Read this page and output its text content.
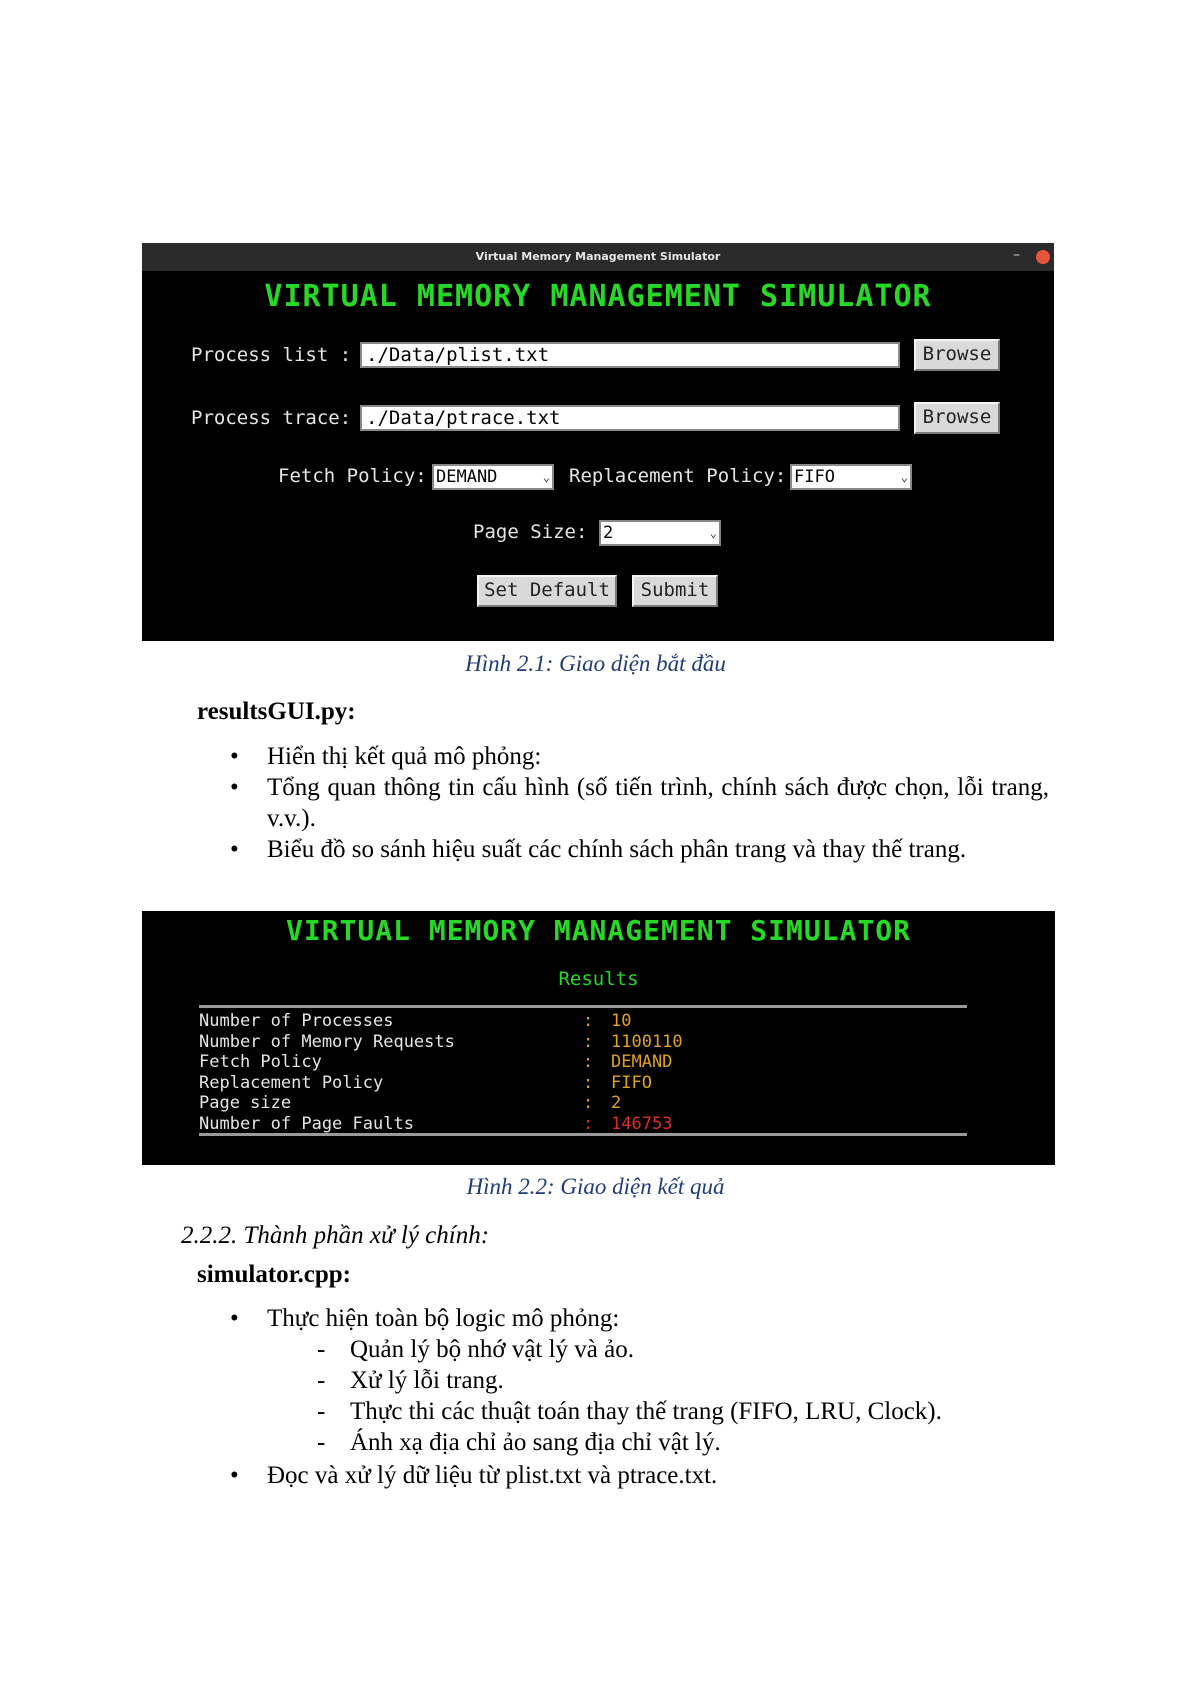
Virtual Memory Management Simulator	–
VIRTUAL MEMORY MANAGEMENT SIMULATOR
Process list : ./Data/plist.txt	Browse
Process trace: ./Data/ptrace.txt	Browse
Fetch Policy: DEMAND	⌄ Replacement Policy: FIFO	⌄
Page Size: 2	⌄
Set Default	Submit
Hình 2.1: Giao diện bắt đầu
resultsGUI.py:
• Hiển thị kết quả mô phỏng:
• Tổng quan thông tin cấu hình (số tiến trình, chính sách được chọn, lỗi trang, v.v.).
• Biểu đồ so sánh hiệu suất các chính sách phân trang và thay thế trang.
VIRTUAL MEMORY MANAGEMENT SIMULATOR
Results
Number of Processes	: 10
Number of Memory Requests	: 1100110
Fetch Policy	: DEMAND
Replacement Policy	: FIFO
Page size	: 2
Number of Page Faults	: 146753
Hình 2.2: Giao diện kết quả
2.2.2. Thành phần xử lý chính:
simulator.cpp:
• Thực hiện toàn bộ logic mô phỏng:
- Quản lý bộ nhớ vật lý và ảo.
- Xử lý lỗi trang.
- Thực thi các thuật toán thay thế trang (FIFO, LRU, Clock).
- Ánh xạ địa chỉ ảo sang địa chỉ vật lý.
• Đọc và xử lý dữ liệu từ plist.txt và ptrace.txt.
